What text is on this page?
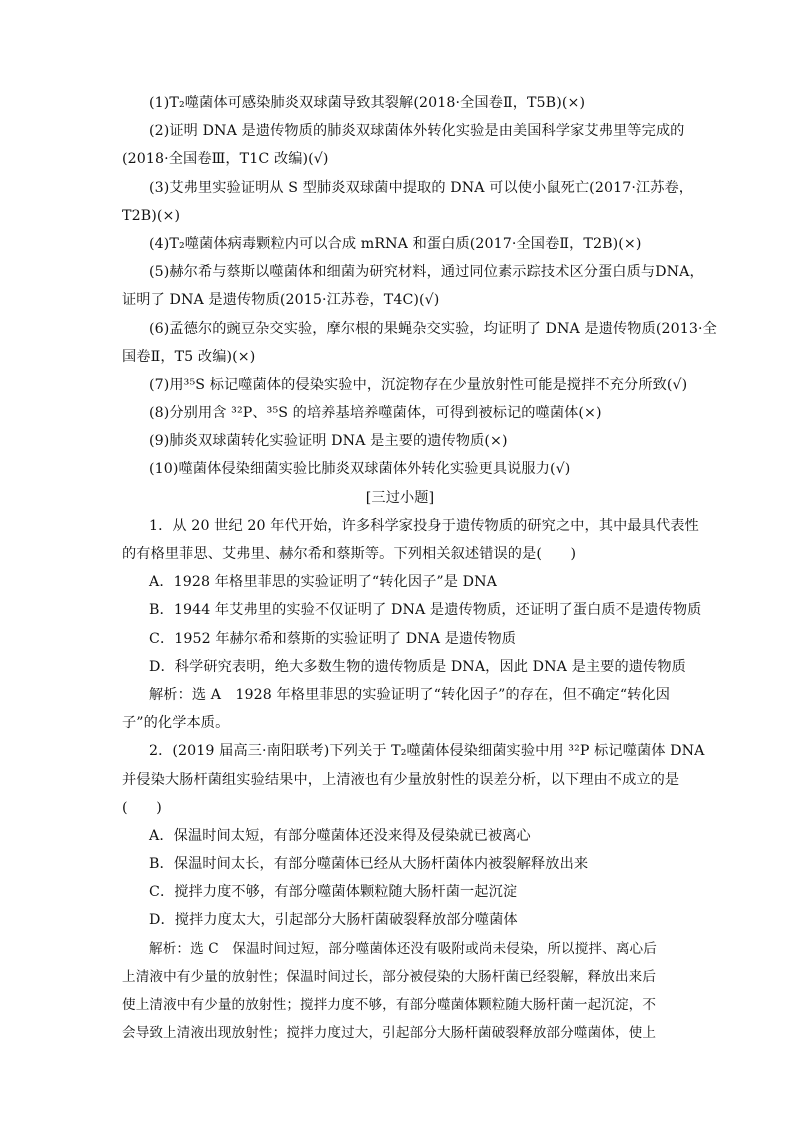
(1)T₂噬菌体可感染肺炎双球菌导致其裂解(2018·全国卷Ⅱ，T5B)(×)
(2)证明 DNA 是遗传物质的肺炎双球菌体外转化实验是由美国科学家艾弗里等完成的
(2018·全国卷Ⅲ，T1C 改编)(√)
(3)艾弗里实验证明从 S 型肺炎双球菌中提取的 DNA 可以使小鼠死亡(2017·江苏卷，
T2B)(×)
(4)T₂噬菌体病毒颗粒内可以合成 mRNA 和蛋白质(2017·全国卷Ⅱ，T2B)(×)
(5)赫尔希与蔡斯以噬菌体和细菌为研究材料，通过同位素示踪技术区分蛋白质与DNA，
证明了 DNA 是遗传物质(2015·江苏卷，T4C)(√)
(6)孟德尔的豌豆杂交实验，摩尔根的果蝇杂交实验，均证明了 DNA 是遗传物质(2013·全
国卷Ⅱ，T5 改编)(×)
(7)用³⁵S 标记噬菌体的侵染实验中，沉淀物存在少量放射性可能是搅拌不充分所致(√)
(8)分别用含 ³²P、³⁵S 的培养基培养噬菌体，可得到被标记的噬菌体(×)
(9)肺炎双球菌转化实验证明 DNA 是主要的遗传物质(×)
(10)噬菌体侵染细菌实验比肺炎双球菌体外转化实验更具说服力(√)
[三过小题]
1．从 20 世纪 20 年代开始，许多科学家投身于遗传物质的研究之中，其中最具代表性
的有格里菲思、艾弗里、赫尔希和蔡斯等。下列相关叙述错误的是(　　)
A．1928 年格里菲思的实验证明了“转化因子”是 DNA
B．1944 年艾弗里的实验不仅证明了 DNA 是遗传物质，还证明了蛋白质不是遗传物质
C．1952 年赫尔希和蔡斯的实验证明了 DNA 是遗传物质
D．科学研究表明，绝大多数生物的遗传物质是 DNA，因此 DNA 是主要的遗传物质
解析：选 A　1928 年格里菲思的实验证明了“转化因子”的存在，但不确定“转化因
子”的化学本质。
2．(2019 届高三·南阳联考)下列关于 T₂噬菌体侵染细菌实验中用 ³²P 标记噬菌体 DNA
并侵染大肠杆菌组实验结果中，上清液也有少量放射性的误差分析，以下理由不成立的是
(　　)
A．保温时间太短，有部分噬菌体还没来得及侵染就已被离心
B．保温时间太长，有部分噬菌体已经从大肠杆菌体内被裂解释放出来
C．搅拌力度不够，有部分噬菌体颗粒随大肠杆菌一起沉淀
D．搅拌力度太大，引起部分大肠杆菌破裂释放部分噬菌体
解析：选 C　保温时间过短，部分噬菌体还没有吸附或尚未侵染，所以搅拌、离心后
上清液中有少量的放射性；保温时间过长，部分被侵染的大肠杆菌已经裂解，释放出来后
使上清液中有少量的放射性；搅拌力度不够，有部分噬菌体颗粒随大肠杆菌一起沉淀，不
会导致上清液出现放射性；搅拌力度过大，引起部分大肠杆菌破裂释放部分噬菌体，使上
